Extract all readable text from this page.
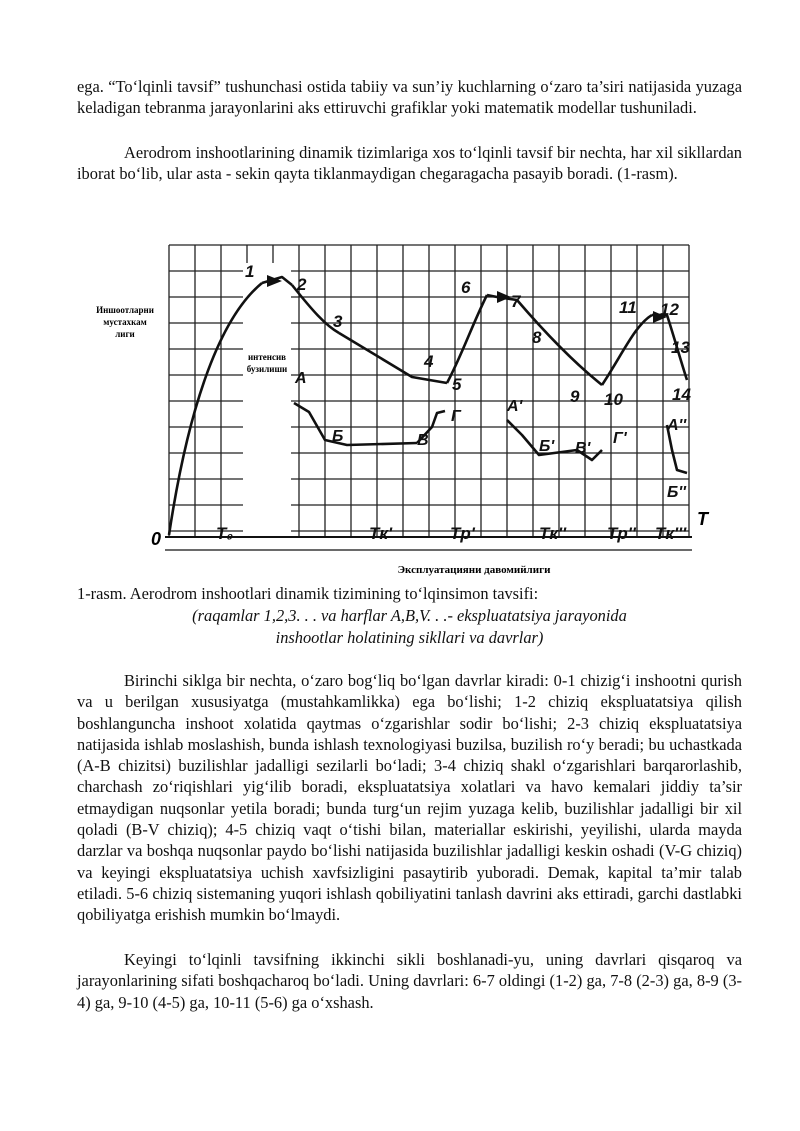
ega. “To‘lqinli tavsif” tushunchasi ostida tabiiy va sun’iy kuchlarning o‘zaro ta’siri natijasida yuzaga keladigan tebranma jarayonlarini aks ettiruvchi grafiklar yoki matematik modellar tushuniladi.

Aerodrom inshootlarining dinamik tizimlariga xos to‘lqinli tavsif bir nechta, har xil sikllardan iborat bo‘lib, ular asta - sekin qayta tiklanmaydigan chegaragacha pasayib boradi. (1-rasm).

1
2
3
4
5
6
7
8
9 10
11 12
13
14
A
Б	В
Г
A'
Б' В'
Г'
A''
Б''
T₀	Tк'	Tр'	Tк'' Tр'' Tк'''
Иншоотларни
мустахкам
лиги
интенсив
бузилиши
Эксплуатацияни давомийлиги
0
T
1-rasm. Aerodrom inshootlari dinamik tizimining to‘lqinsimon tavsifi:
(raqamlar 1,2,3. . . va harflar A,B,V. . .- ekspluatatsiya jarayonida
inshootlar holatining sikllari va davrlar)

Birinchi siklga bir nechta, o‘zaro bog‘liq bo‘lgan davrlar kiradi: 0-1 chizig‘i inshootni qurish va u berilgan xususiyatga (mustahkamlikka) ega bo‘lishi; 1-2 chiziq ekspluatatsiya qilish boshlanguncha inshoot xolatida qaytmas o‘zgarishlar sodir bo‘lishi; 2-3 chiziq ekspluatatsiya natijasida ishlab moslashish, bunda ishlash texnologiyasi buzilsa, buzilish ro‘y beradi; bu uchastkada (A-B chizitsi) buzilishlar jadalligi sezilarli bo‘ladi; 3-4 chiziq shakl o‘zgarishlari barqarorlashib, charchash zo‘riqishlari yig‘ilib boradi, ekspluatatsiya xolatlari va havo kemalari jiddiy ta’sir etmaydigan nuqsonlar yetila boradi; bunda turg‘un rejim yuzaga kelib, buzilishlar jadalligi bir xil qoladi (B-V chiziq); 4-5 chiziq vaqt o‘tishi bilan, materiallar eskirishi, yeyilishi, ularda mayda darzlar va boshqa nuqsonlar paydo bo‘lishi natijasida buzilishlar jadalligi keskin oshadi (V-G chiziq) va keyingi ekspluatatsiya uchish xavfsizligini pasaytirib yuboradi. Demak, kapital ta’mir talab etiladi. 5-6 chiziq sistemaning yuqori ishlash qobiliyatini tanlash davrini aks ettiradi, garchi dastlabki qobiliyatga erishish mumkin bo‘lmaydi.

Keyingi to‘lqinli tavsifning ikkinchi sikli boshlanadi-yu, uning davrlari qisqaroq va jarayonlarining sifati boshqacharoq bo‘ladi. Uning davrlari: 6-7 oldingi (1-2) ga, 7-8 (2-3) ga, 8-9 (3-4) ga, 9-10 (4-5) ga, 10-11 (5-6) ga o‘xshash.
